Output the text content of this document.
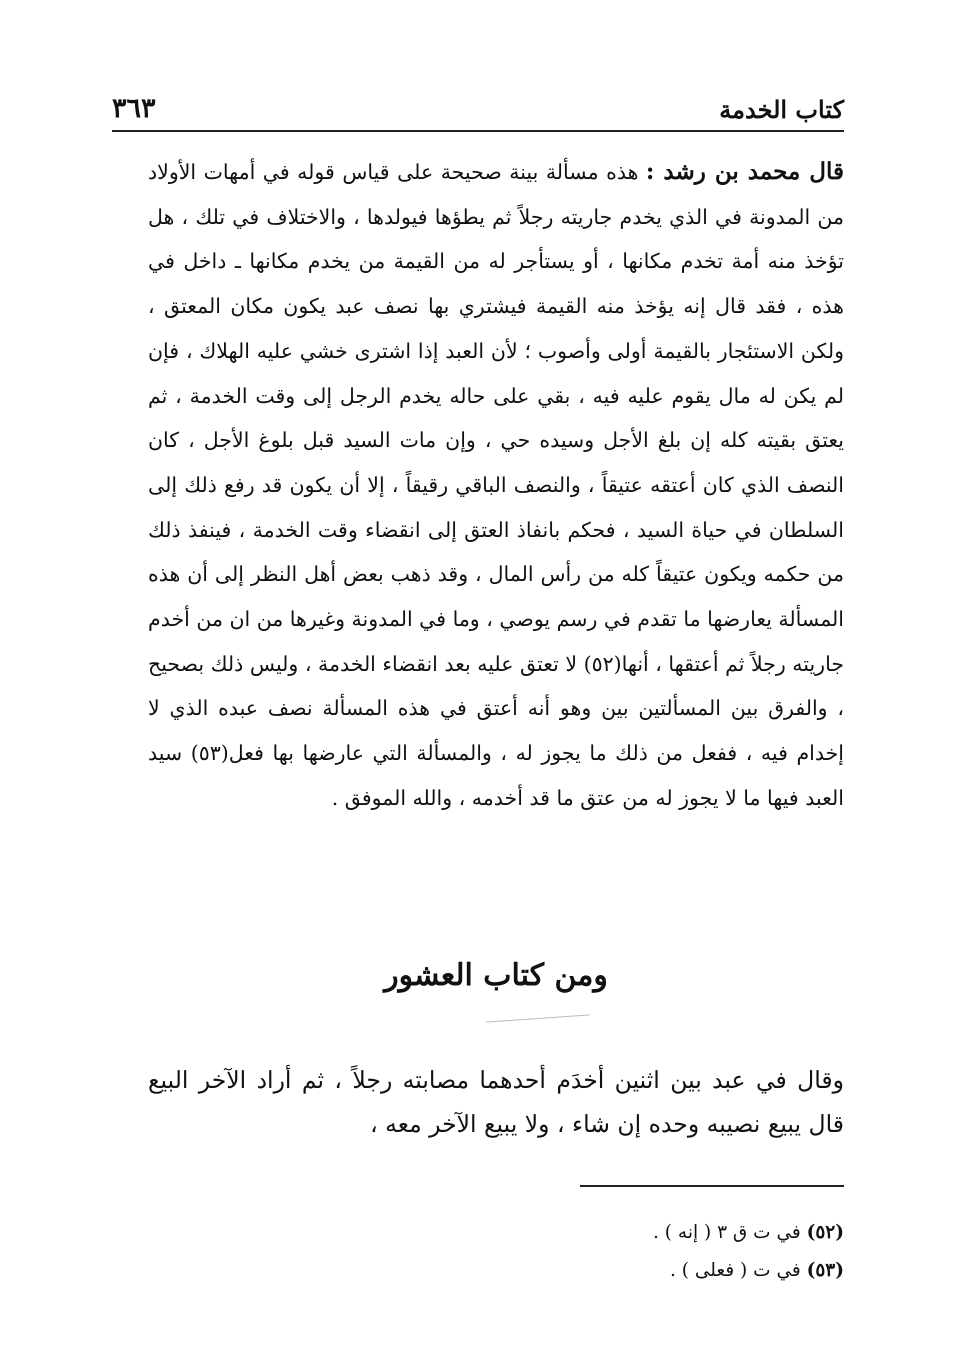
٣٦٣	كتاب الخدمة
قال محمد بن رشد : هذه مسألة بينة صحيحة على قياس قوله في أمهات الأولاد من المدونة في الذي يخدم جاريته رجلاً ثم يطؤها فيولدها ، والاختلاف في تلك ، هل تؤخذ منه أمة تخدم مكانها ، أو يستأجر له من القيمة من يخدم مكانها ـ داخل في هذه ، فقد قال إنه يؤخذ منه القيمة فيشتري بها نصف عبد يكون مكان المعتق ، ولكن الاستئجار بالقيمة أولى وأصوب ؛ لأن العبد إذا اشترى خشي عليه الهلاك ، فإن لم يكن له مال يقوم عليه فيه ، بقي على حاله يخدم الرجل إلى وقت الخدمة ، ثم يعتق بقيته كله إن بلغ الأجل وسيده حي ، وإن مات السيد قبل بلوغ الأجل ، كان النصف الذي كان أعتقه عتيقاً ، والنصف الباقي رقيقاً ، إلا أن يكون قد رفع ذلك إلى السلطان في حياة السيد ، فحكم بانفاذ العتق إلى انقضاء وقت الخدمة ، فينفذ ذلك من حكمه ويكون عتيقاً كله من رأس المال ، وقد ذهب بعض أهل النظر إلى أن هذه المسألة يعارضها ما تقدم في رسم يوصي ، وما في المدونة وغيرها من ان من أخدم جاريته رجلاً ثم أعتقها ، أنها(٥٢) لا تعتق عليه بعد انقضاء الخدمة ، وليس ذلك بصحيح ، والفرق بين المسألتين بين وهو أنه أعتق في هذه المسألة نصف عبده الذي لا إخدام فيه ، ففعل من ذلك ما يجوز له ، والمسألة التي عارضها بها فعل(٥٣) سيد العبد فيها ما لا يجوز له من عتق ما قد أخدمه ، والله الموفق .
ومن كتاب العشور
وقال في عبد بين اثنين أخدَم أحدهما مصابته رجلاً ، ثم أراد الآخر البيع قال يبيع نصيبه وحده إن شاء ، ولا يبيع الآخر معه ،
(٥٢) في ت ق ٣ ( إنه ) .
(٥٣) في ت ( فعلى ) .
